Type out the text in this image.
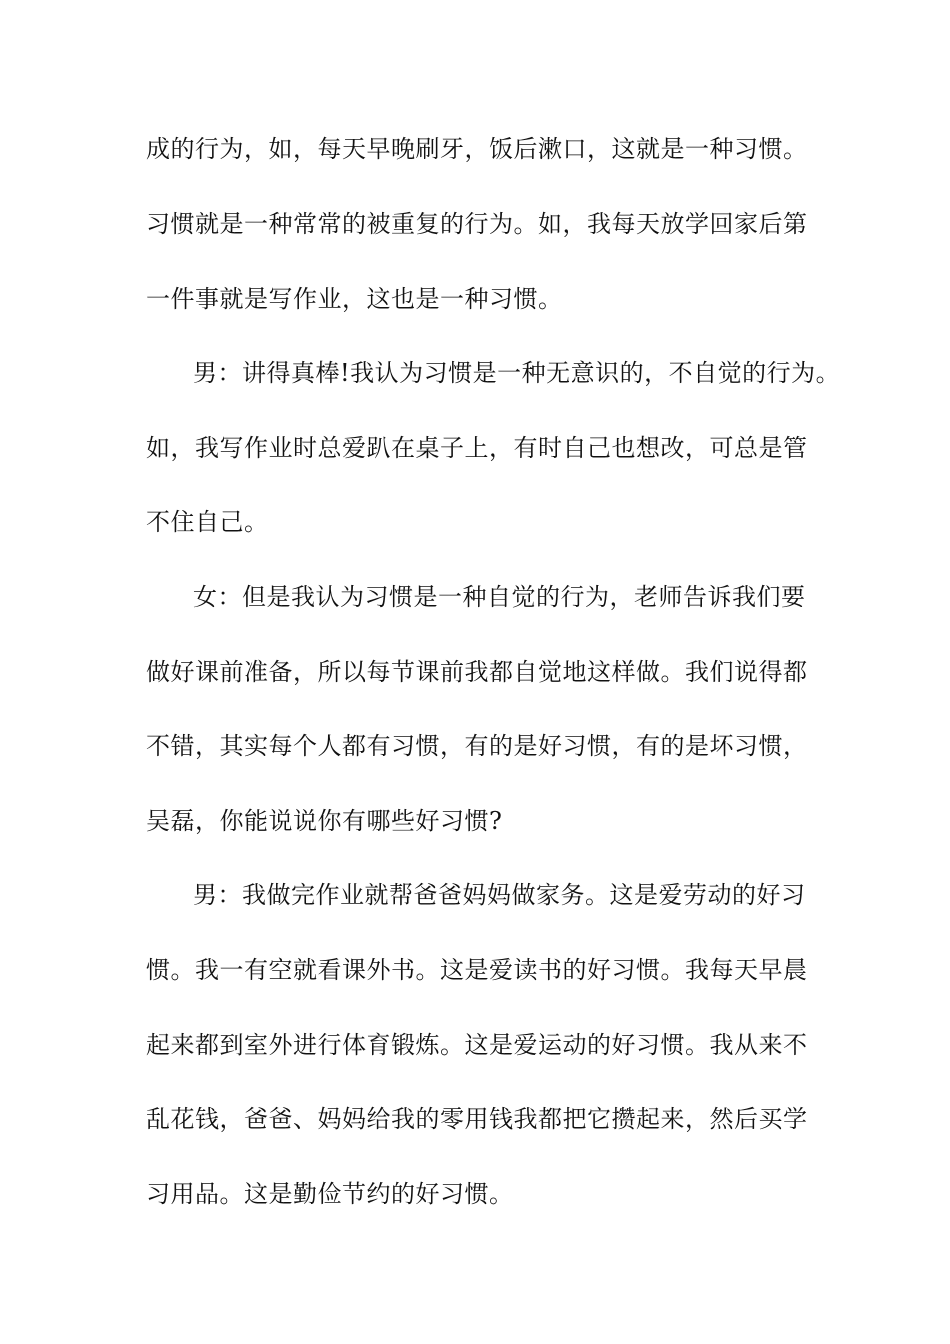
成的行为，如，每天早晚刷牙，饭后漱口，这就是一种习惯。
习惯就是一种常常的被重复的行为。如，我每天放学回家后第
一件事就是写作业，这也是一种习惯。
男：讲得真棒!我认为习惯是一种无意识的，不自觉的行为。
如，我写作业时总爱趴在桌子上，有时自己也想改，可总是管
不住自己。
女：但是我认为习惯是一种自觉的行为，老师告诉我们要
做好课前准备，所以每节课前我都自觉地这样做。我们说得都
不错，其实每个人都有习惯，有的是好习惯，有的是坏习惯，
吴磊，你能说说你有哪些好习惯?
男：我做完作业就帮爸爸妈妈做家务。这是爱劳动的好习
惯。我一有空就看课外书。这是爱读书的好习惯。我每天早晨
起来都到室外进行体育锻炼。这是爱运动的好习惯。我从来不
乱花钱，爸爸、妈妈给我的零用钱我都把它攒起来，然后买学
习用品。这是勤俭节约的好习惯。
